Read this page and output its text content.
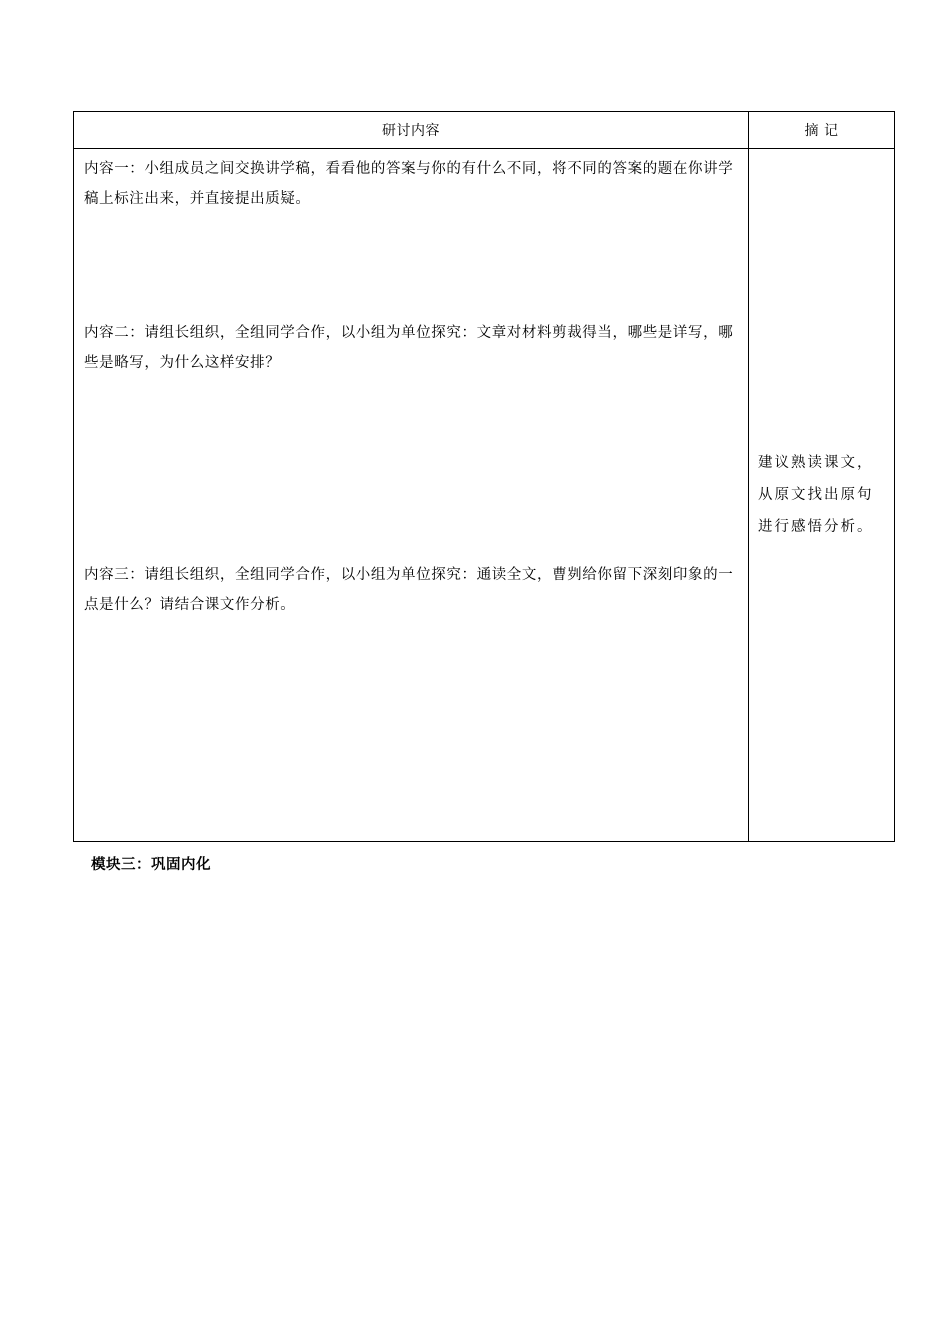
研讨内容	摘 记

内容一：小组成员之间交换讲学稿，看看他的答案与你的有什么不同，将不同的答案的题在你讲学稿上标注出来，并直接提出质疑。
内容二：请组长组织，全组同学合作，以小组为单位探究：文章对材料剪裁得当，哪些是详写，哪些是略写，为什么这样安排？
内容三：请组长组织，全组同学合作，以小组为单位探究：通读全文，曹刿给你留下深刻印象的一点是什么？请结合课文作分析。	建议熟读课文，从原文找出原句进行感悟分析。
模块三：巩固内化
